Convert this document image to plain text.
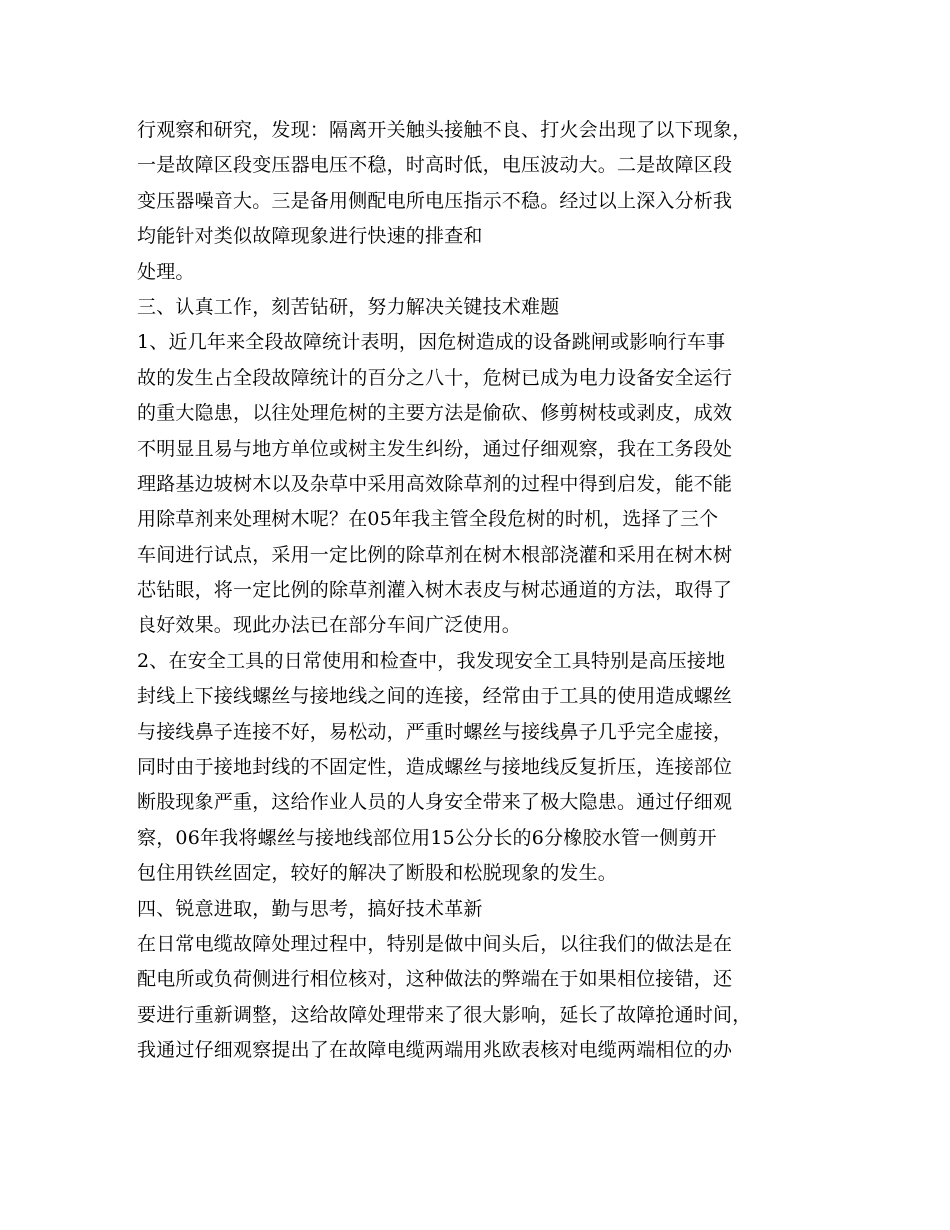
行观察和研究，发现：隔离开关触头接触不良、打火会出现了以下现象，
一是故障区段变压器电压不稳，时高时低，电压波动大。二是故障区段
变压器噪音大。三是备用侧配电所电压指示不稳。经过以上深入分析我
均能针对类似故障现象进行快速的排查和
处理。
三、认真工作，刻苦钻研，努力解决关键技术难题
1、近几年来全段故障统计表明，因危树造成的设备跳闸或影响行车事
故的发生占全段故障统计的百分之八十，危树已成为电力设备安全运行
的重大隐患，以往处理危树的主要方法是偷砍、修剪树枝或剥皮，成效
不明显且易与地方单位或树主发生纠纷，通过仔细观察，我在工务段处
理路基边坡树木以及杂草中采用高效除草剂的过程中得到启发，能不能
用除草剂来处理树木呢？在05年我主管全段危树的时机，选择了三个
车间进行试点，采用一定比例的除草剂在树木根部浇灌和采用在树木树
芯钻眼，将一定比例的除草剂灌入树木表皮与树芯通道的方法，取得了
良好效果。现此办法已在部分车间广泛使用。
2、在安全工具的日常使用和检查中，我发现安全工具特别是高压接地
封线上下接线螺丝与接地线之间的连接，经常由于工具的使用造成螺丝
与接线鼻子连接不好，易松动，严重时螺丝与接线鼻子几乎完全虚接，
同时由于接地封线的不固定性，造成螺丝与接地线反复折压，连接部位
断股现象严重，这给作业人员的人身安全带来了极大隐患。通过仔细观
察，06年我将螺丝与接地线部位用15公分长的6分橡胶水管一侧剪开
包住用铁丝固定，较好的解决了断股和松脱现象的发生。
四、锐意进取，勤与思考，搞好技术革新
在日常电缆故障处理过程中，特别是做中间头后，以往我们的做法是在
配电所或负荷侧进行相位核对，这种做法的弊端在于如果相位接错，还
要进行重新调整，这给故障处理带来了很大影响，延长了故障抢通时间，
我通过仔细观察提出了在故障电缆两端用兆欧表核对电缆两端相位的办
